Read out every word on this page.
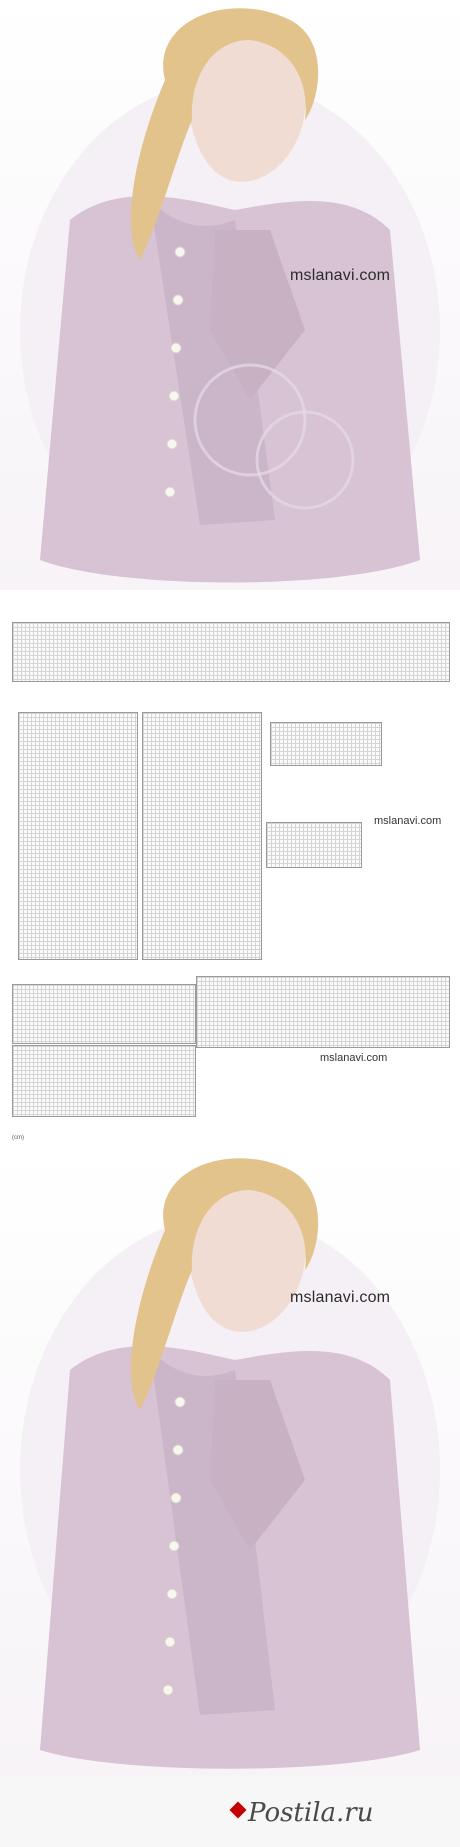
mslanavi.com
(cm)
mslanavi.com
mslanavi.com
mslanavi.com
Postila.ru
